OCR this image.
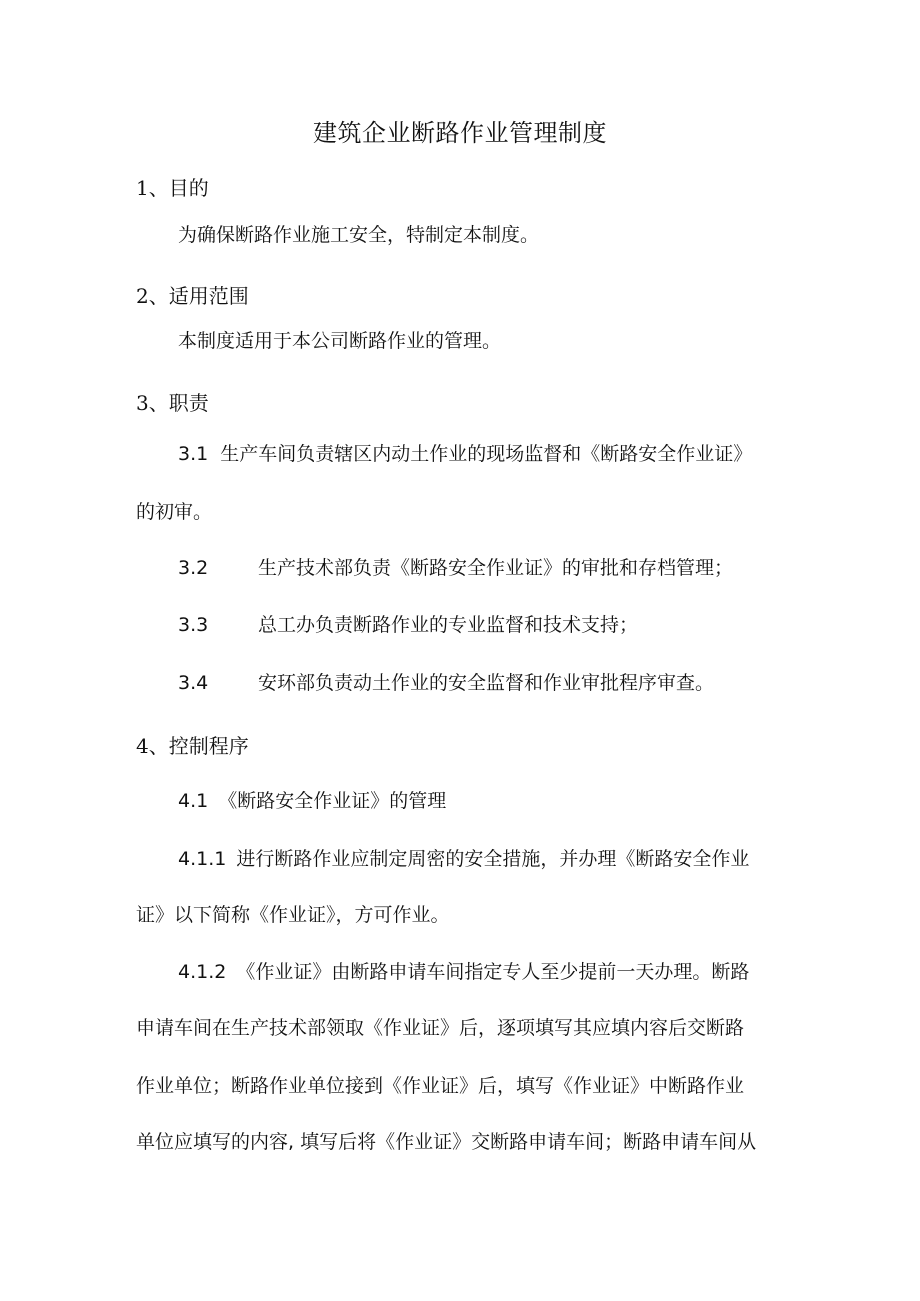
建筑企业断路作业管理制度
1、目的
为确保断路作业施工安全，特制定本制度。
2、适用范围
本制度适用于本公司断路作业的管理。
3、职责
3.1 生产车间负责辖区内动土作业的现场监督和《断路安全作业证》
的初审。
3.2	生产技术部负责《断路安全作业证》的审批和存档管理；
3.3	总工办负责断路作业的专业监督和技术支持；
3.4	安环部负责动土作业的安全监督和作业审批程序审查。
4、控制程序
4.1 《断路安全作业证》的管理
4.1.1 进行断路作业应制定周密的安全措施，并办理《断路安全作业
证》以下简称《作业证》，方可作业。
4.1.2 《作业证》由断路申请车间指定专人至少提前一天办理。断路
申请车间在生产技术部领取《作业证》后，逐项填写其应填内容后交断路
作业单位；断路作业单位接到《作业证》后，填写《作业证》中断路作业
单位应填写的内容, 填写后将《作业证》交断路申请车间；断路申请车间从
